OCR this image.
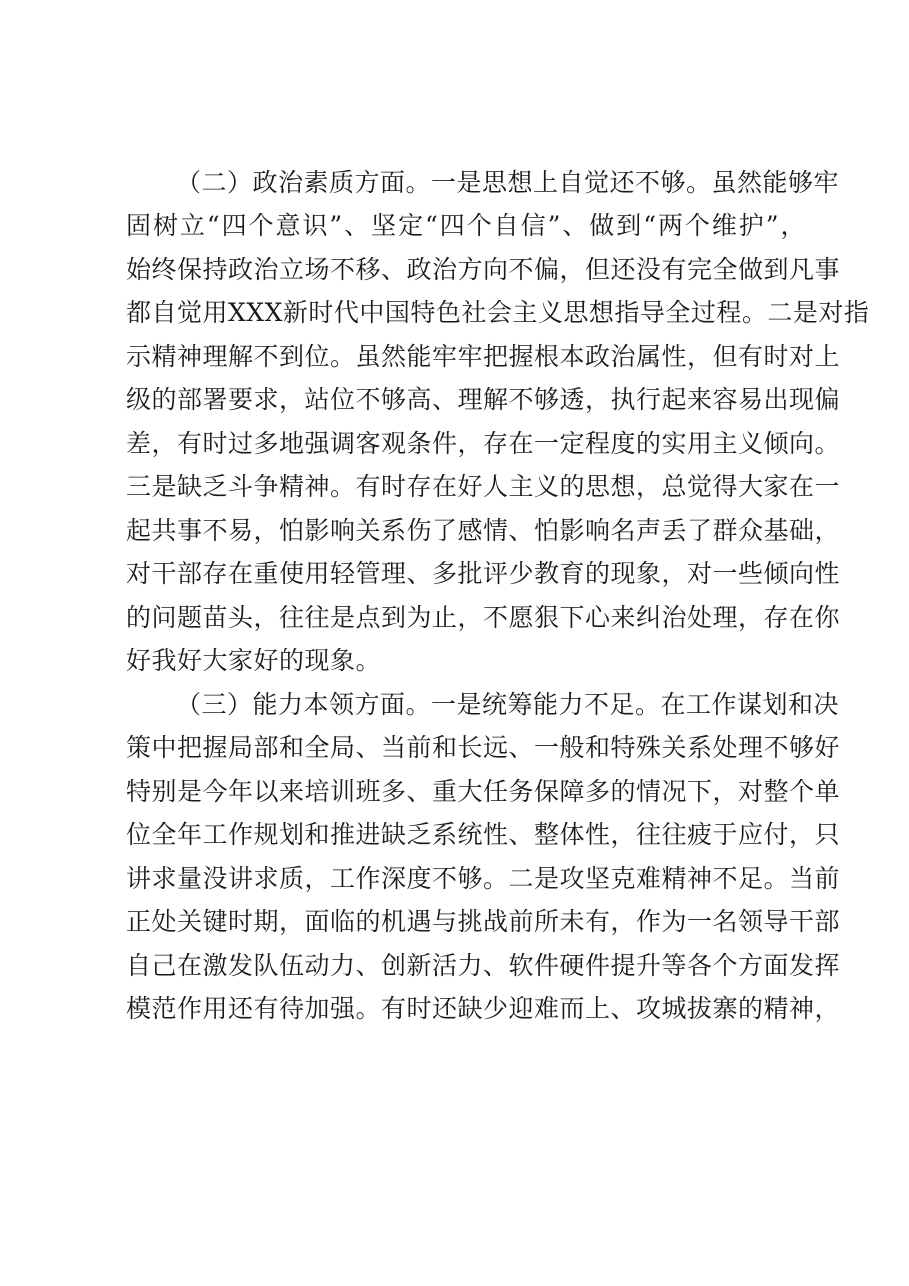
（二）政治素质方面。一是思想上自觉还不够。虽然能够牢
固树立“四个意识”、坚定“四个自信”、做到“两个维护”，
始终保持政治立场不移、政治方向不偏，但还没有完全做到凡事
都自觉用XXX新时代中国特色社会主义思想指导全过程。二是对指
示精神理解不到位。虽然能牢牢把握根本政治属性，但有时对上
级的部署要求，站位不够高、理解不够透，执行起来容易出现偏
差，有时过多地强调客观条件，存在一定程度的实用主义倾向。
三是缺乏斗争精神。有时存在好人主义的思想，总觉得大家在一
起共事不易，怕影响关系伤了感情、怕影响名声丢了群众基础，
对干部存在重使用轻管理、多批评少教育的现象，对一些倾向性
的问题苗头，往往是点到为止，不愿狠下心来纠治处理，存在你
好我好大家好的现象。
（三）能力本领方面。一是统筹能力不足。在工作谋划和决
策中把握局部和全局、当前和长远、一般和特殊关系处理不够好
特别是今年以来培训班多、重大任务保障多的情况下，对整个单
位全年工作规划和推进缺乏系统性、整体性，往往疲于应付，只
讲求量没讲求质，工作深度不够。二是攻坚克难精神不足。当前
正处关键时期，面临的机遇与挑战前所未有，作为一名领导干部
自己在激发队伍动力、创新活力、软件硬件提升等各个方面发挥
模范作用还有待加强。有时还缺少迎难而上、攻城拔寨的精神，
